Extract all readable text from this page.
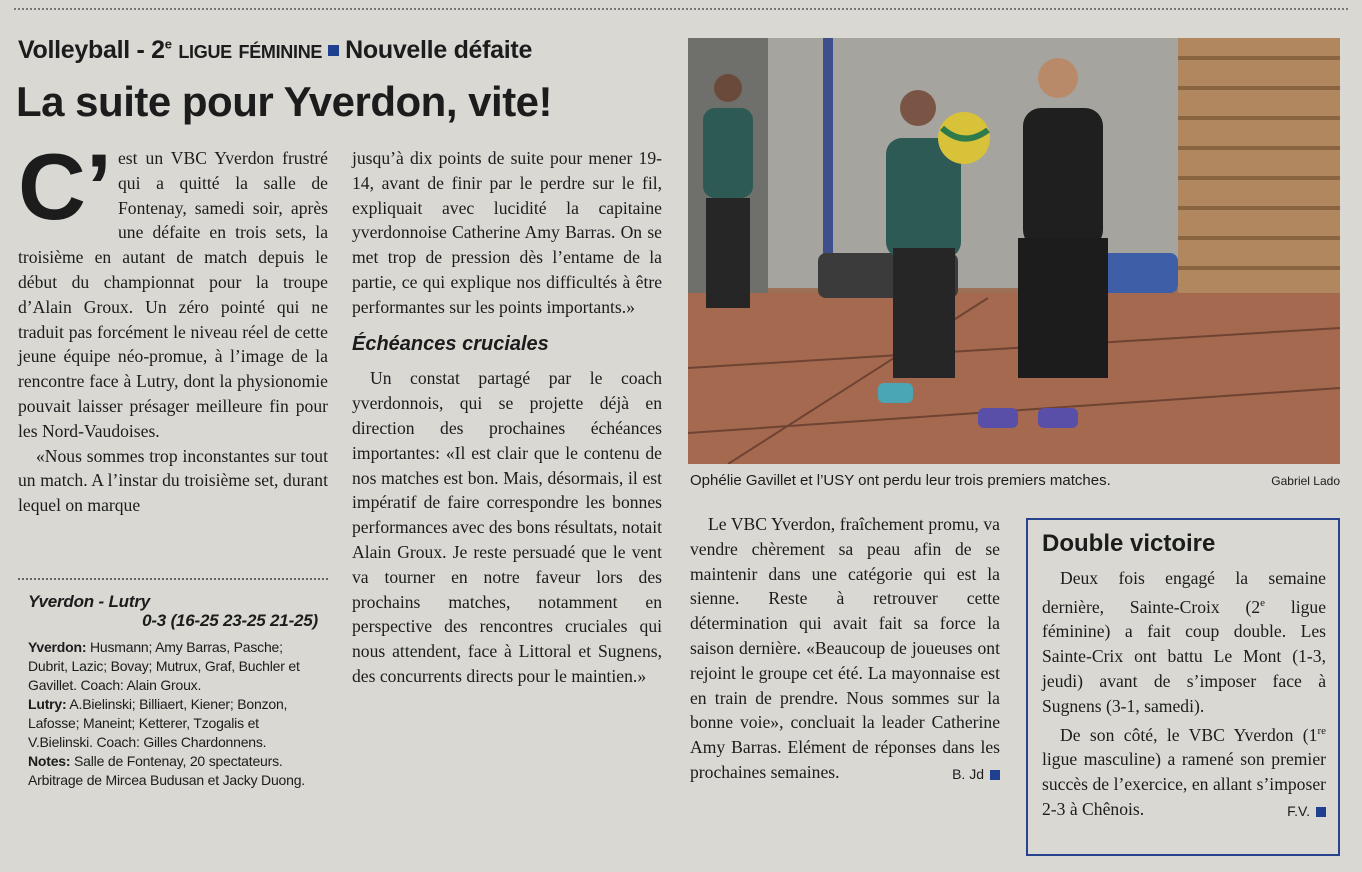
Volleyball - 2e ligue féminine Nouvelle défaite
La suite pour Yverdon, vite!
C’ est un VBC Yverdon frustré qui a quitté la salle de Fontenay, samedi soir, après une défaite en trois sets, la troisième en autant de match depuis le début du championnat pour la troupe d’Alain Groux. Un zéro pointé qui ne traduit pas forcément le niveau réel de cette jeune équipe néo-promue, à l’image de la rencontre face à Lutry, dont la physionomie pouvait laisser présager meilleure fin pour les Nord-Vaudoises.

«Nous sommes trop inconstantes sur tout un match. A l’instar du troisième set, durant lequel on marque

Yverdon - Lutry
0-3 (16-25 23-25 21-25)
Yverdon: Husmann; Amy Barras, Pasche; Dubrit, Lazic; Bovay; Mutrux, Graf, Buchler et Gavillet. Coach: Alain Groux.
Lutry: A.Bielinski; Billiaert, Kiener; Bonzon, Lafosse; Maneint; Ketterer, Tzogalis et V.Bielinski. Coach: Gilles Chardonnens.
Notes: Salle de Fontenay, 20 spectateurs. Arbitrage de Mircea Budusan et Jacky Duong.

jusqu’à dix points de suite pour mener 19-14, avant de finir par le perdre sur le fil, expliquait avec lucidité la capitaine yverdonnoise Catherine Amy Barras. On se met trop de pression dès l’entame de la partie, ce qui explique nos difficultés à être performantes sur les points importants.»

Échéances cruciales

Un constat partagé par le coach yverdonnois, qui se projette déjà en direction des prochaines échéances importantes: «Il est clair que le contenu de nos matches est bon. Mais, désormais, il est impératif de faire correspondre les bonnes performances avec des bons résultats, notait Alain Groux. Je reste persuadé que le vent va tourner en notre faveur lors des prochains matches, notamment en perspective des rencontres cruciales qui nous attendent, face à Littoral et Sugnens, des concurrents directs pour le maintien.»

Ophélie Gavillet et l’USY ont perdu leur trois premiers matches.	Gabriel Lado

Le VBC Yverdon, fraîchement promu, va vendre chèrement sa peau afin de se maintenir dans une catégorie qui est la sienne. Reste à retrouver cette détermination qui avait fait sa force la saison dernière. «Beaucoup de joueuses ont rejoint le groupe cet été. La mayonnaise est en train de prendre. Nous sommes sur la bonne voie», concluait la leader Catherine Amy Barras. Elément de réponses dans les prochaines semaines.	B. Jd

Double victoire

Deux fois engagé la semaine dernière, Sainte-Croix (2e ligue féminine) a fait coup double. Les Sainte-Crix ont battu Le Mont (1-3, jeudi) avant de s’imposer face à Sugnens (3-1, samedi).

De son côté, le VBC Yverdon (1re ligue masculine) a ramené son premier succès de l’exercice, en allant s’imposer 2-3 à Chênois.	F.V.
